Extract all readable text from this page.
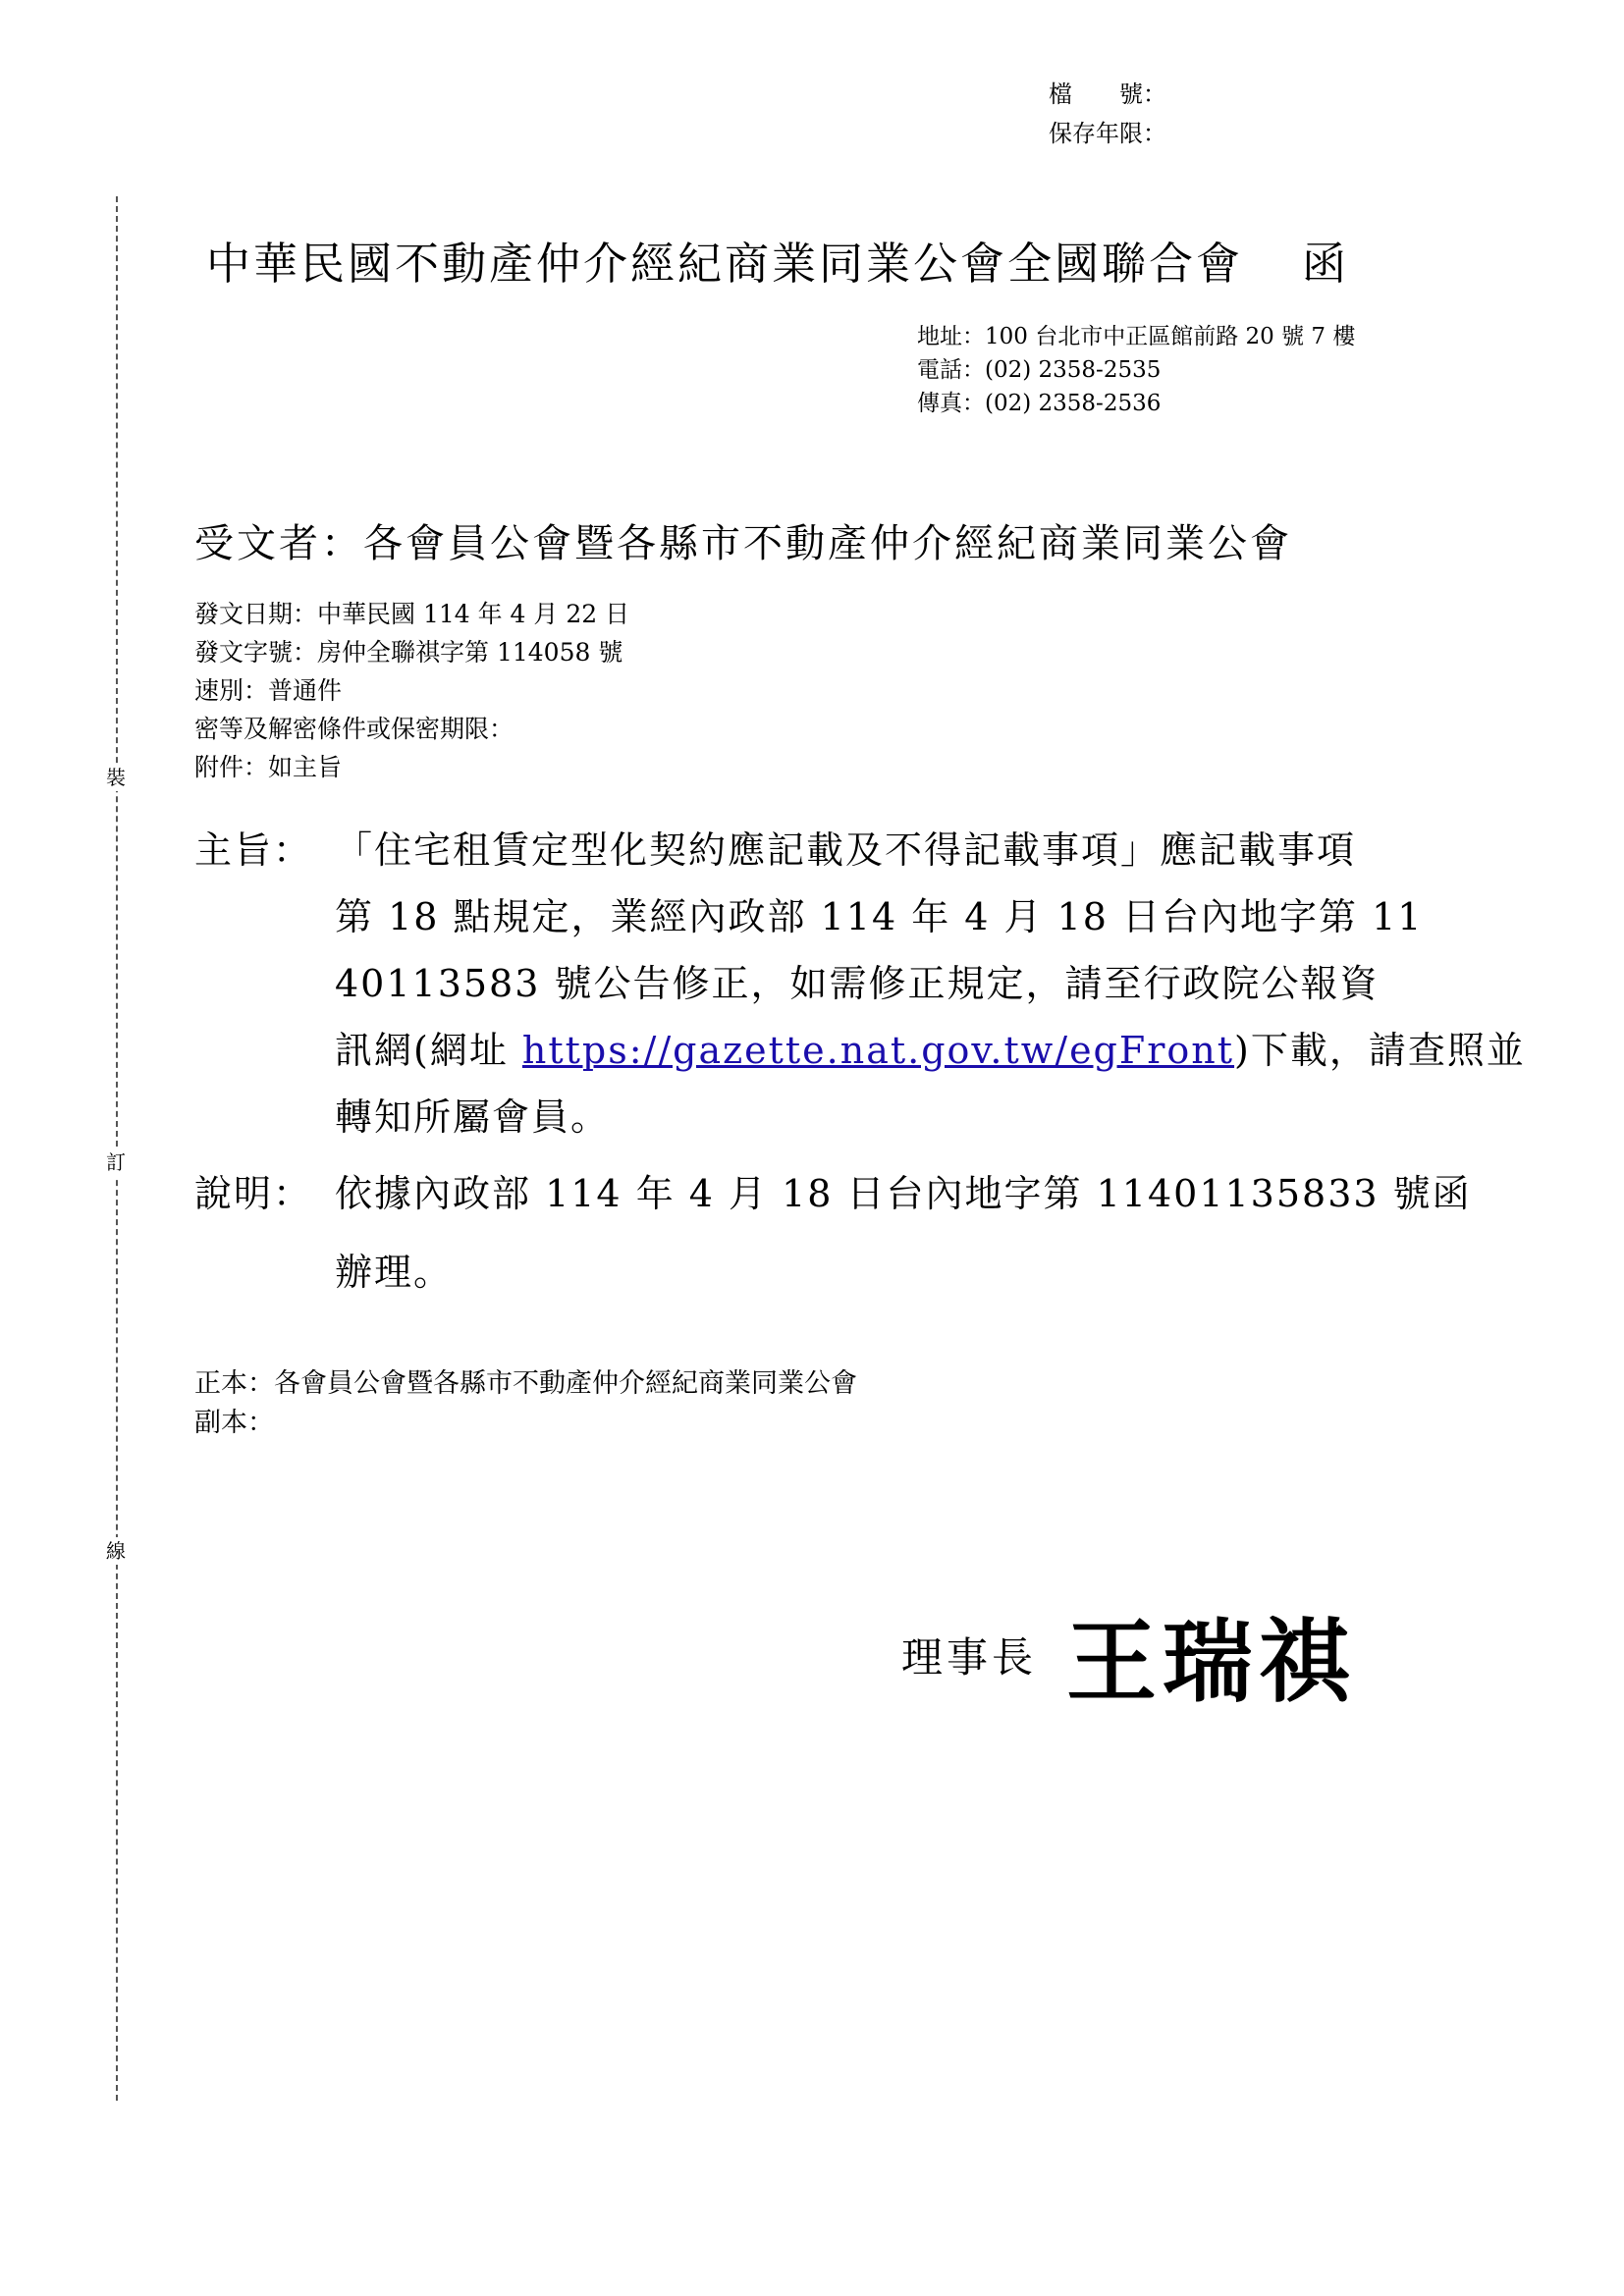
裝
訂
線
檔　　號：
保存年限：
中華民國不動產仲介經紀商業同業公會全國聯合會 函
地址：100 台北市中正區館前路 20 號 7 樓
電話：(02) 2358-2535
傳真：(02) 2358-2536
受文者：各會員公會暨各縣市不動產仲介經紀商業同業公會
發文日期：中華民國 114 年 4 月 22 日
發文字號：房仲全聯祺字第 114058 號
速別：普通件
密等及解密條件或保密期限：
附件：如主旨
主旨： 「住宅租賃定型化契約應記載及不得記載事項」應記載事項
第 18 點規定，業經內政部 114 年 4 月 18 日台內地字第 11
40113583 號公告修正，如需修正規定，請至行政院公報資
訊網(網址 https://gazette.nat.gov.tw/egFront)下載，請查照並
轉知所屬會員。
說明： 依據內政部 114 年 4 月 18 日台內地字第 11401135833 號函
辦理。
正本：各會員公會暨各縣市不動產仲介經紀商業同業公會
副本：
理事長 王瑞祺
